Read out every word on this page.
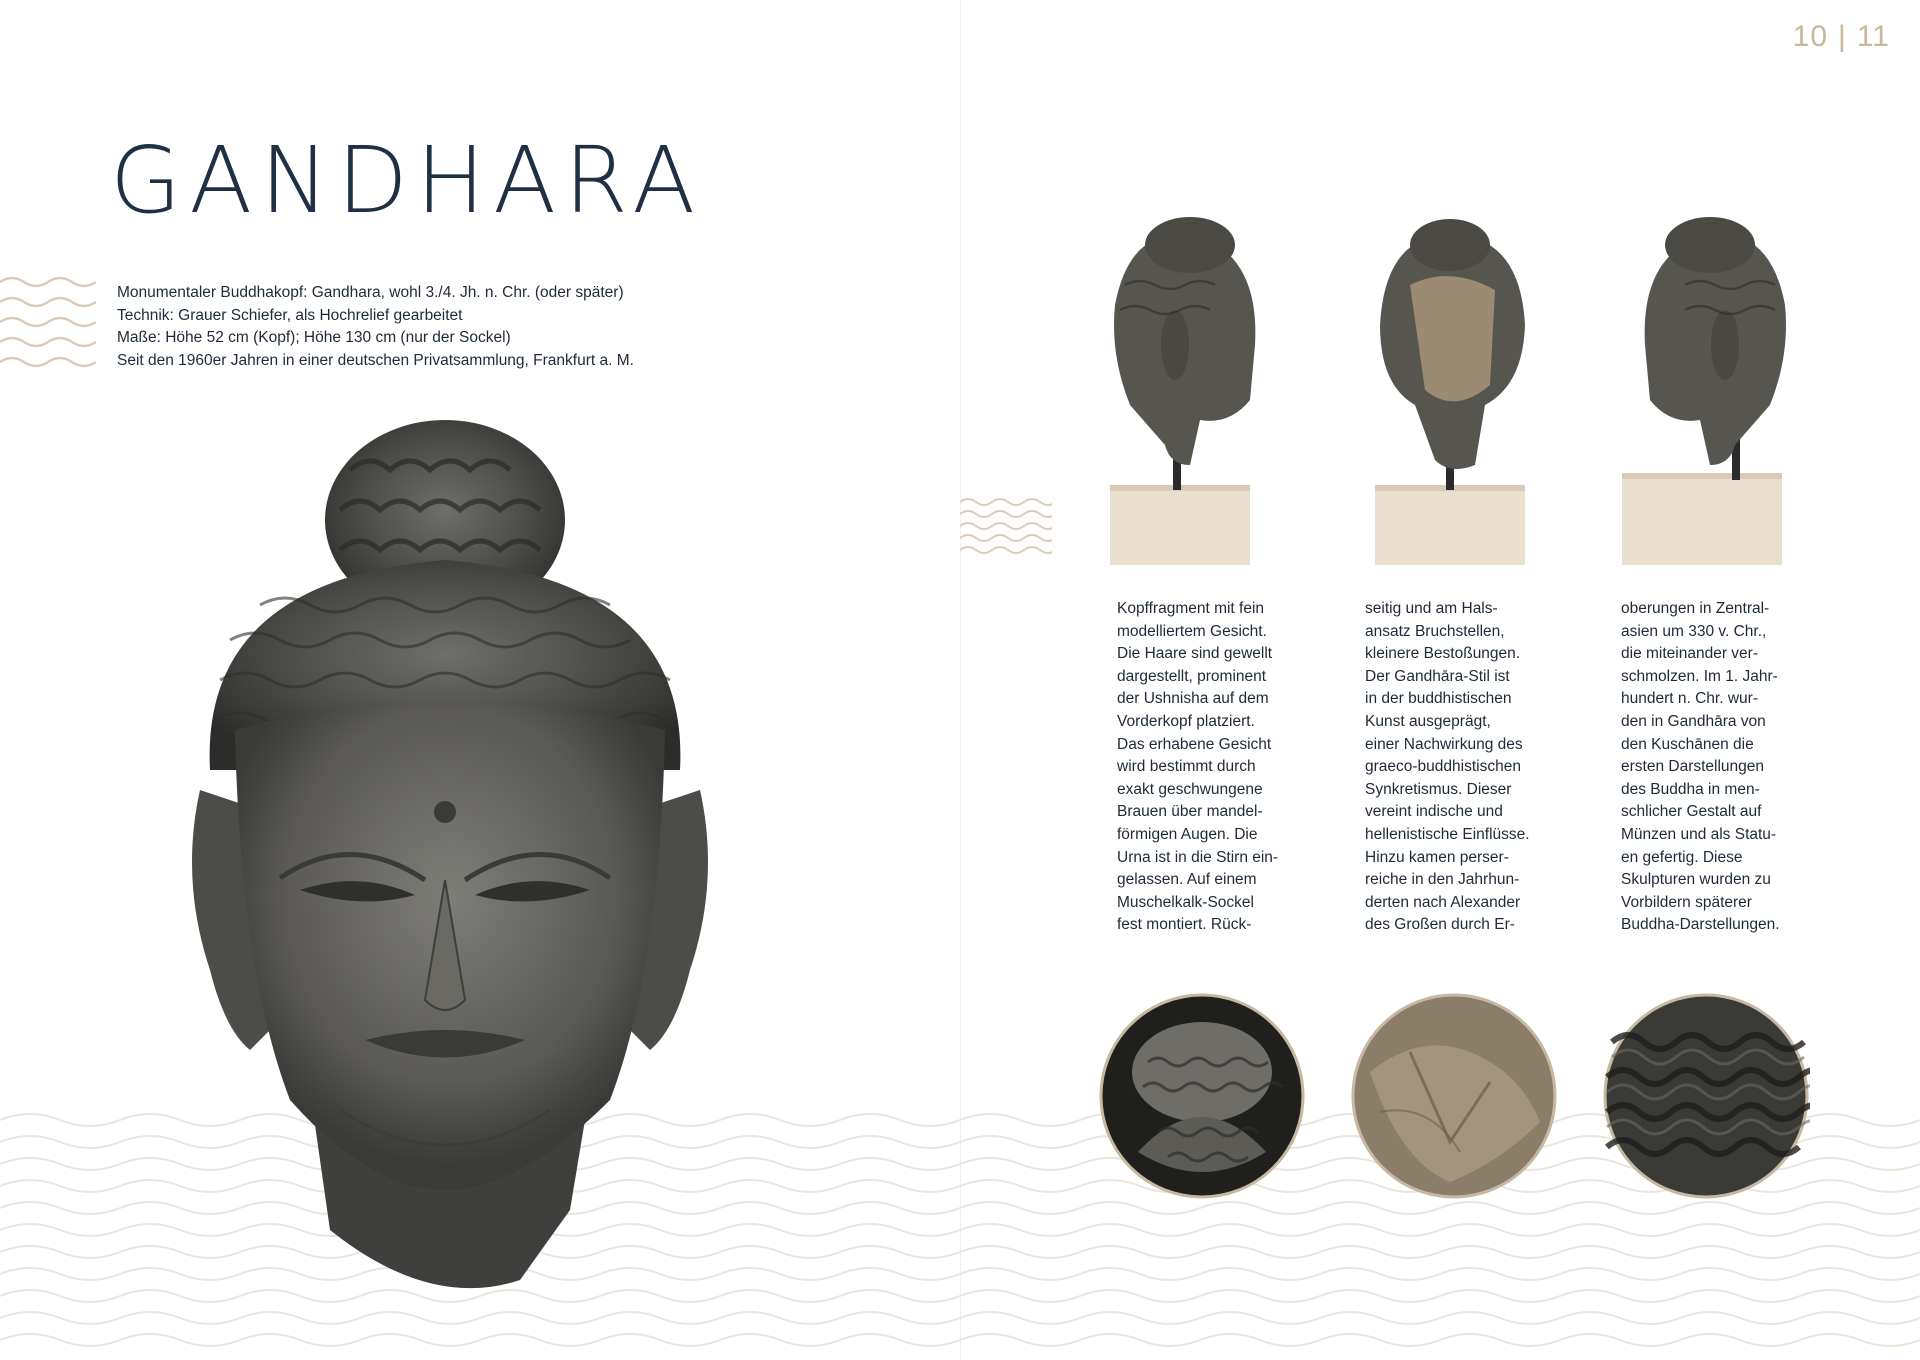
10 | 11
GANDHARA
Monumentaler Buddhakopf: Gandhara, wohl 3./4. Jh. n. Chr. (oder später)
Technik: Grauer Schiefer, als Hochrelief gearbeitet
Maße: Höhe 52 cm (Kopf); Höhe 130 cm (nur der Sockel)
Seit den 1960er Jahren in einer deutschen Privatsammlung, Frankfurt a. M.
Kopffragment mit fein
modelliertem Gesicht.
Die Haare sind gewellt
dargestellt, prominent
der Ushnisha auf dem
Vorderkopf platziert.
Das erhabene Gesicht
wird bestimmt durch
exakt geschwungene
Brauen über mandel-
förmigen Augen. Die
Urna ist in die Stirn ein-
gelassen. Auf einem
Muschelkalk-Sockel
fest montiert. Rück-
seitig und am Hals-
ansatz Bruchstellen,
kleinere Bestoßungen.
Der Gandhāra-Stil ist
in der buddhistischen
Kunst ausgeprägt,
einer Nachwirkung des
graeco-buddhistischen
Synkretismus. Dieser
vereint indische und
hellenistische Einflüsse.
Hinzu kamen perser-
reiche in den Jahrhun-
derten nach Alexander
des Großen durch Er-
oberungen in Zentral-
asien um 330 v. Chr.,
die miteinander ver-
schmolzen. Im 1. Jahr-
hundert n. Chr. wur-
den in Gandhāra von
den Kuschānen die
ersten Darstellungen
des Buddha in men-
schlicher Gestalt auf
Münzen und als Statu-
en gefertig. Diese
Skulpturen wurden zu
Vorbildern späterer
Buddha-Darstellungen.
